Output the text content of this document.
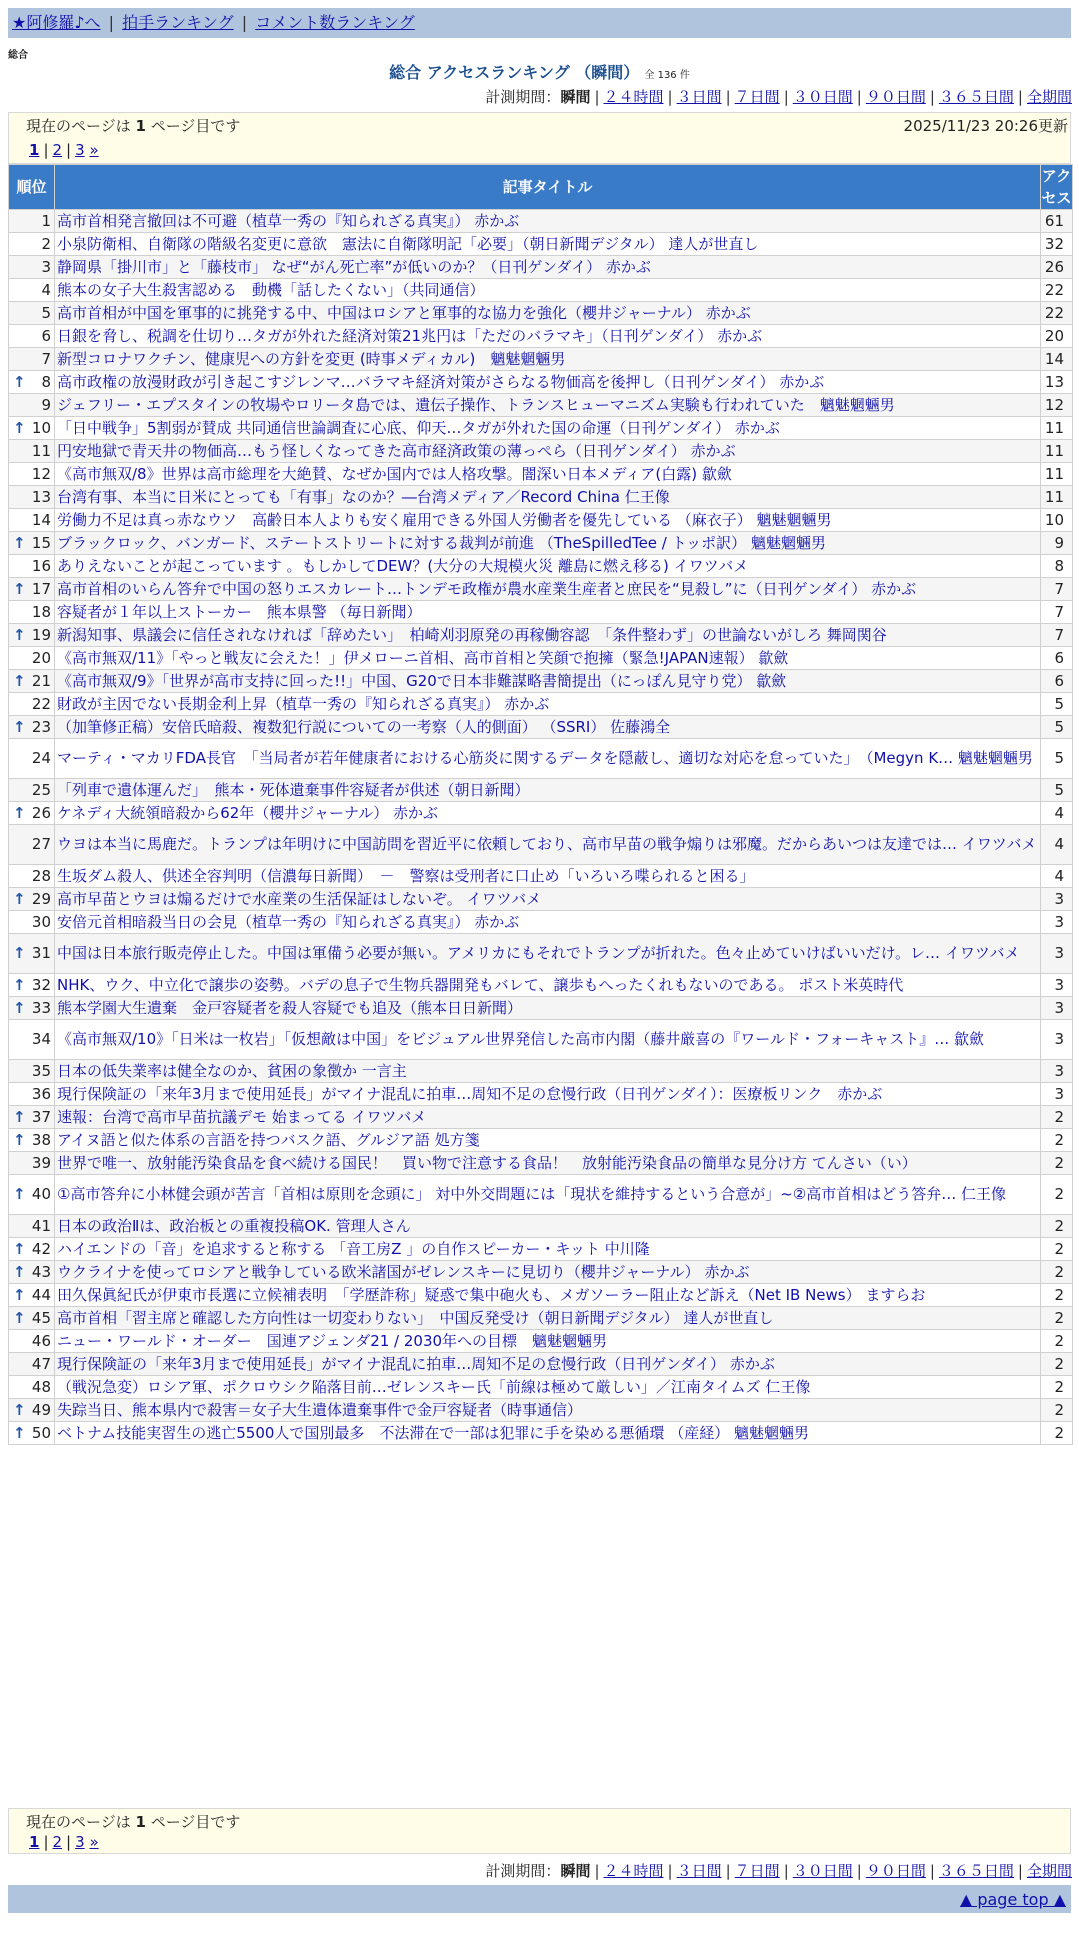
★阿修羅♪へ | 拍手ランキング | コメント数ランキング
総合
総合 アクセスランキング （瞬間） 全 136 件
計測期間：瞬間 | ２４時間 | ３日間 | ７日間 | ３０日間 | ９０日間 | ３６５日間 | 全期間
現在のページは 1 ページ目です	2025/11/23 20:26更新
1 | 2 | 3 »
順位	記事タイトル	アクセス
1	高市首相発言撤回は不可避（植草一秀の『知られざる真実』） 赤かぶ	61
2	小泉防衛相、自衛隊の階級名変更に意欲　憲法に自衛隊明記「必要」（朝日新聞デジタル） 達人が世直し	32
3	静岡県「掛川市」と「藤枝市」 なぜ“がん死亡率”が低いのか？（日刊ゲンダイ） 赤かぶ	26
4	熊本の女子大生殺害認める　動機「話したくない」（共同通信）	22
5	高市首相が中国を軍事的に挑発する中、中国はロシアと軍事的な協力を強化（櫻井ジャーナル） 赤かぶ	22
6	日銀を脅し、税調を仕切り…タガが外れた経済対策21兆円は「ただのバラマキ」（日刊ゲンダイ） 赤かぶ	20
7	新型コロナワクチン、健康児への方針を変更 (時事メディカル)　魑魅魍魎男	14

↑ 8	高市政権の放漫財政が引き起こすジレンマ…バラマキ経済対策がさらなる物価高を後押し（日刊ゲンダイ） 赤かぶ	13
9	ジェフリー・エプスタインの牧場やロリータ島では、遺伝子操作、トランスヒューマニズム実験も行われていた　魑魅魍魎男	12

↑ 10	「日中戦争」5割弱が賛成 共同通信世論調査に心底、仰天…タガが外れた国の命運（日刊ゲンダイ） 赤かぶ	11
11	円安地獄で青天井の物価高…もう怪しくなってきた高市経済政策の薄っぺら（日刊ゲンダイ） 赤かぶ	11
12	《高市無双/8》世界は高市総理を大絶賛、なぜか国内では人格攻撃。闇深い日本メディア(白露) 歙歛	11
13	台湾有事、本当に日米にとっても「有事」なのか？―台湾メディア／Record China 仁王像	11
14	労働力不足は真っ赤なウソ　高齢日本人よりも安く雇用できる外国人労働者を優先している （麻衣子） 魑魅魍魎男	10

↑ 15	ブラックロック、バンガード、ステートストリートに対する裁判が前進 （TheSpilledTee / トッポ訳） 魑魅魍魎男	9
16	ありえないことが起こっています 。もしかしてDEW？(大分の大規模火災 離島に燃え移る) イワツバメ	8

↑ 17	高市首相のいらん答弁で中国の怒りエスカレート…トンデモ政権が農水産業生産者と庶民を“見殺し”に（日刊ゲンダイ） 赤かぶ	7
18	容疑者が１年以上ストーカー　熊本県警 （毎日新聞）	7

↑ 19	新潟知事、県議会に信任されなければ「辞めたい」　柏崎刈羽原発の再稼働容認　「条件整わず」の世論ないがしろ 舞岡関谷	7
20	《高市無双/11》「やっと戦友に会えた！」伊メローニ首相、高市首相と笑顔で抱擁（緊急!JAPAN速報） 歙歛	6

↑ 21	《高市無双/9》「世界が高市支持に回った!!」中国、G20で日本非難謀略書簡提出（にっぽん見守り党） 歙歛	6
22	財政が主因でない長期金利上昇（植草一秀の『知られざる真実』） 赤かぶ	5

↑ 23	（加筆修正稿）安倍氏暗殺、複数犯行説についての一考察（人的側面） （SSRI） 佐藤鴻全	5
24	マーティ・マカリFDA長官　「当局者が若年健康者における心筋炎に関するデータを隠蔽し、適切な対応を怠っていた」　（Megyn K… 魑魅魍魎男	5
25	「列車で遺体運んだ」　熊本・死体遺棄事件容疑者が供述（朝日新聞）	5

↑ 26	ケネディ大統領暗殺から62年（櫻井ジャーナル） 赤かぶ	4
27	ウヨは本当に馬鹿だ。トランプは年明けに中国訪問を習近平に依頼しており、高市早苗の戦争煽りは邪魔。だからあいつは友達では… イワツバメ	4
28	生坂ダム殺人、供述全容判明（信濃毎日新聞）　－　警察は受刑者に口止め「いろいろ喋られると困る」	4

↑ 29	高市早苗とウヨは煽るだけで水産業の生活保証はしないぞ。 イワツバメ	3
30	安倍元首相暗殺当日の会見（植草一秀の『知られざる真実』） 赤かぶ	3

↑ 31	中国は日本旅行販売停止した。中国は軍備う必要が無い。アメリカにもそれでトランプが折れた。色々止めていけばいいだけ。レ… イワツバメ	3

↑ 32	NHK、ウク、中立化で譲歩の姿勢。バデの息子で生物兵器開発もバレて、譲歩もへったくれもないのである。 ポスト米英時代	3

↑ 33	熊本学園大生遺棄　金戸容疑者を殺人容疑でも追及（熊本日日新聞）	3
34	《高市無双/10》「日米は一枚岩」「仮想敵は中国」をビジュアル世界発信した高市内閣（藤井厳喜の『ワールド・フォーキャスト』… 歙歛	3
35	日本の低失業率は健全なのか、貧困の象徴か 一言主	3
36	現行保険証の「来年3月まで使用延長」がマイナ混乱に拍車…周知不足の怠慢行政（日刊ゲンダイ）：医療板リンク　赤かぶ	3

↑ 37	速報：台湾で高市早苗抗議デモ 始まってる イワツバメ	2

↑ 38	アイヌ語と似た体系の言語を持つバスク語、グルジア語 処方箋	2
39	世界で唯一、放射能汚染食品を食べ続ける国民！　買い物で注意する食品！　放射能汚染食品の簡単な見分け方 てんさい（い）	2

↑ 40	①高市答弁に小林健会頭が苦言「首相は原則を念頭に」 対中外交問題には「現状を維持するという合意が」~②高市首相はどう答弁… 仁王像	2
41	日本の政治Ⅱは、政治板との重複投稿OK. 管理人さん	2

↑ 42	ハイエンドの「音」を追求すると称する 「音工房Z 」の自作スピーカー・キット 中川隆	2

↑ 43	ウクライナを使ってロシアと戦争している欧米諸国がゼレンスキーに見切り（櫻井ジャーナル） 赤かぶ	2

↑ 44	田久保眞紀氏が伊東市長選に立候補表明　「学歴詐称」疑惑で集中砲火も、メガソーラー阻止など訴え（Net IB News） ますらお	2

↑ 45	高市首相「習主席と確認した方向性は一切変わりない」　中国反発受け（朝日新聞デジタル） 達人が世直し	2
46	ニュー・ワールド・オーダー　国連アジェンダ21 / 2030年への目標　魑魅魍魎男	2
47	現行保険証の「来年3月まで使用延長」がマイナ混乱に拍車…周知不足の怠慢行政（日刊ゲンダイ） 赤かぶ	2
48	（戦況急変）ロシア軍、ポクロウシク陥落目前…ゼレンスキー氏「前線は極めて厳しい」／江南タイムズ 仁王像	2

↑ 49	失踪当日、熊本県内で殺害＝女子大生遺体遺棄事件で金戸容疑者（時事通信）	2

↑ 50	ベトナム技能実習生の逃亡5500人で国別最多　不法滞在で一部は犯罪に手を染める悪循環 （産経） 魑魅魍魎男	2
現在のページは 1 ページ目です
1 | 2 | 3 »
計測期間：瞬間 | ２４時間 | ３日間 | ７日間 | ３０日間 | ９０日間 | ３６５日間 | 全期間
▲ page top ▲
